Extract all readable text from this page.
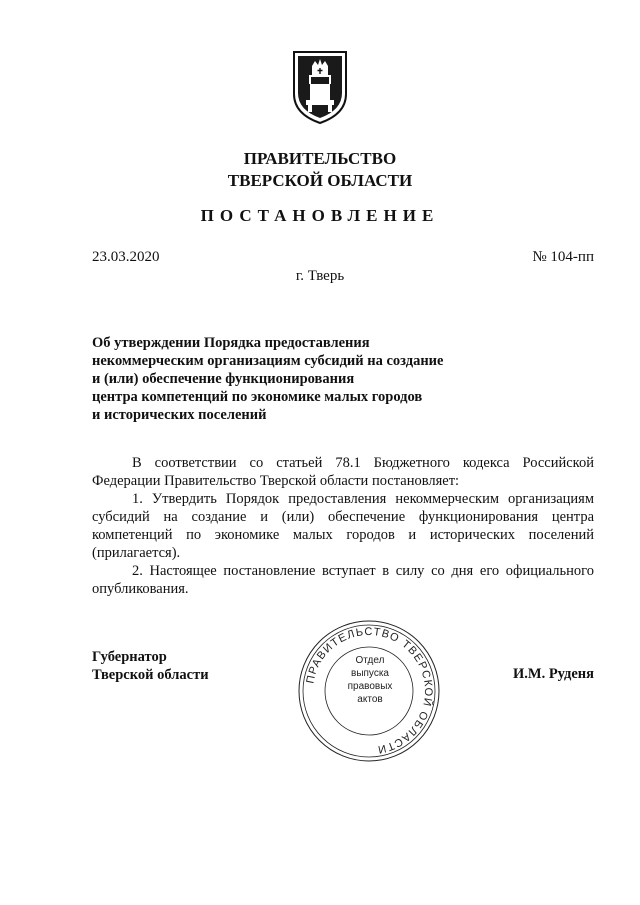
ПРАВИТЕЛЬСТВО
ТВЕРСКОЙ ОБЛАСТИ
ПОСТАНОВЛЕНИЕ
23.03.2020	№ 104-пп
г. Тверь
Об утверждении Порядка предоставления
некоммерческим организациям субсидий на создание
и (или) обеспечение функционирования
центра компетенций по экономике малых городов
и исторических поселений

В соответствии со статьей 78.1 Бюджетного кодекса Российской Федерации Правительство Тверской области постановляет:

1. Утвердить Порядок предоставления некоммерческим организациям субсидий на создание и (или) обеспечение функционирования центра компетенций по экономике малых городов и исторических поселений (прилагается).

2. Настоящее постановление вступает в силу со дня его официального опубликования.

Губернатор
Тверской области	И.М. Руденя
ПРАВИТЕЛЬСТВО ТВЕРСКОЙ ОБЛАСТИ
Отдел
выпуска
правовых
актов
